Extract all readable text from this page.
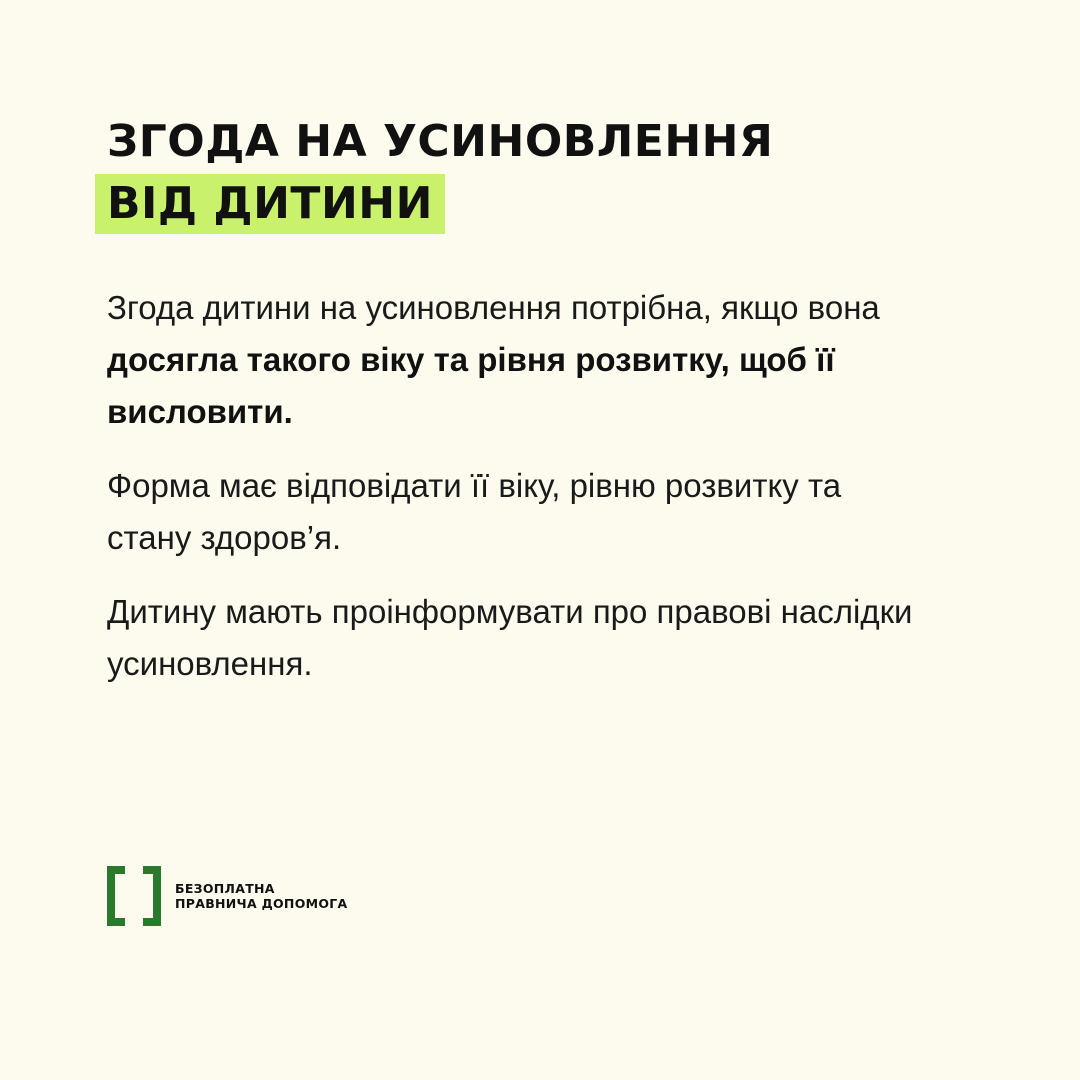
ЗГОДА НА УСИНОВЛЕННЯ
ВІД ДИТИНИ

Згода дитини на усиновлення потрібна, якщо вона досягла такого віку та рівня розвитку, щоб її висловити.

Форма має відповідати її віку, рівню розвитку та стану здоров’я.

Дитину мають проінформувати про правові наслідки усиновлення.

БЕЗОПЛАТНА
ПРАВНИЧА ДОПОМОГА
